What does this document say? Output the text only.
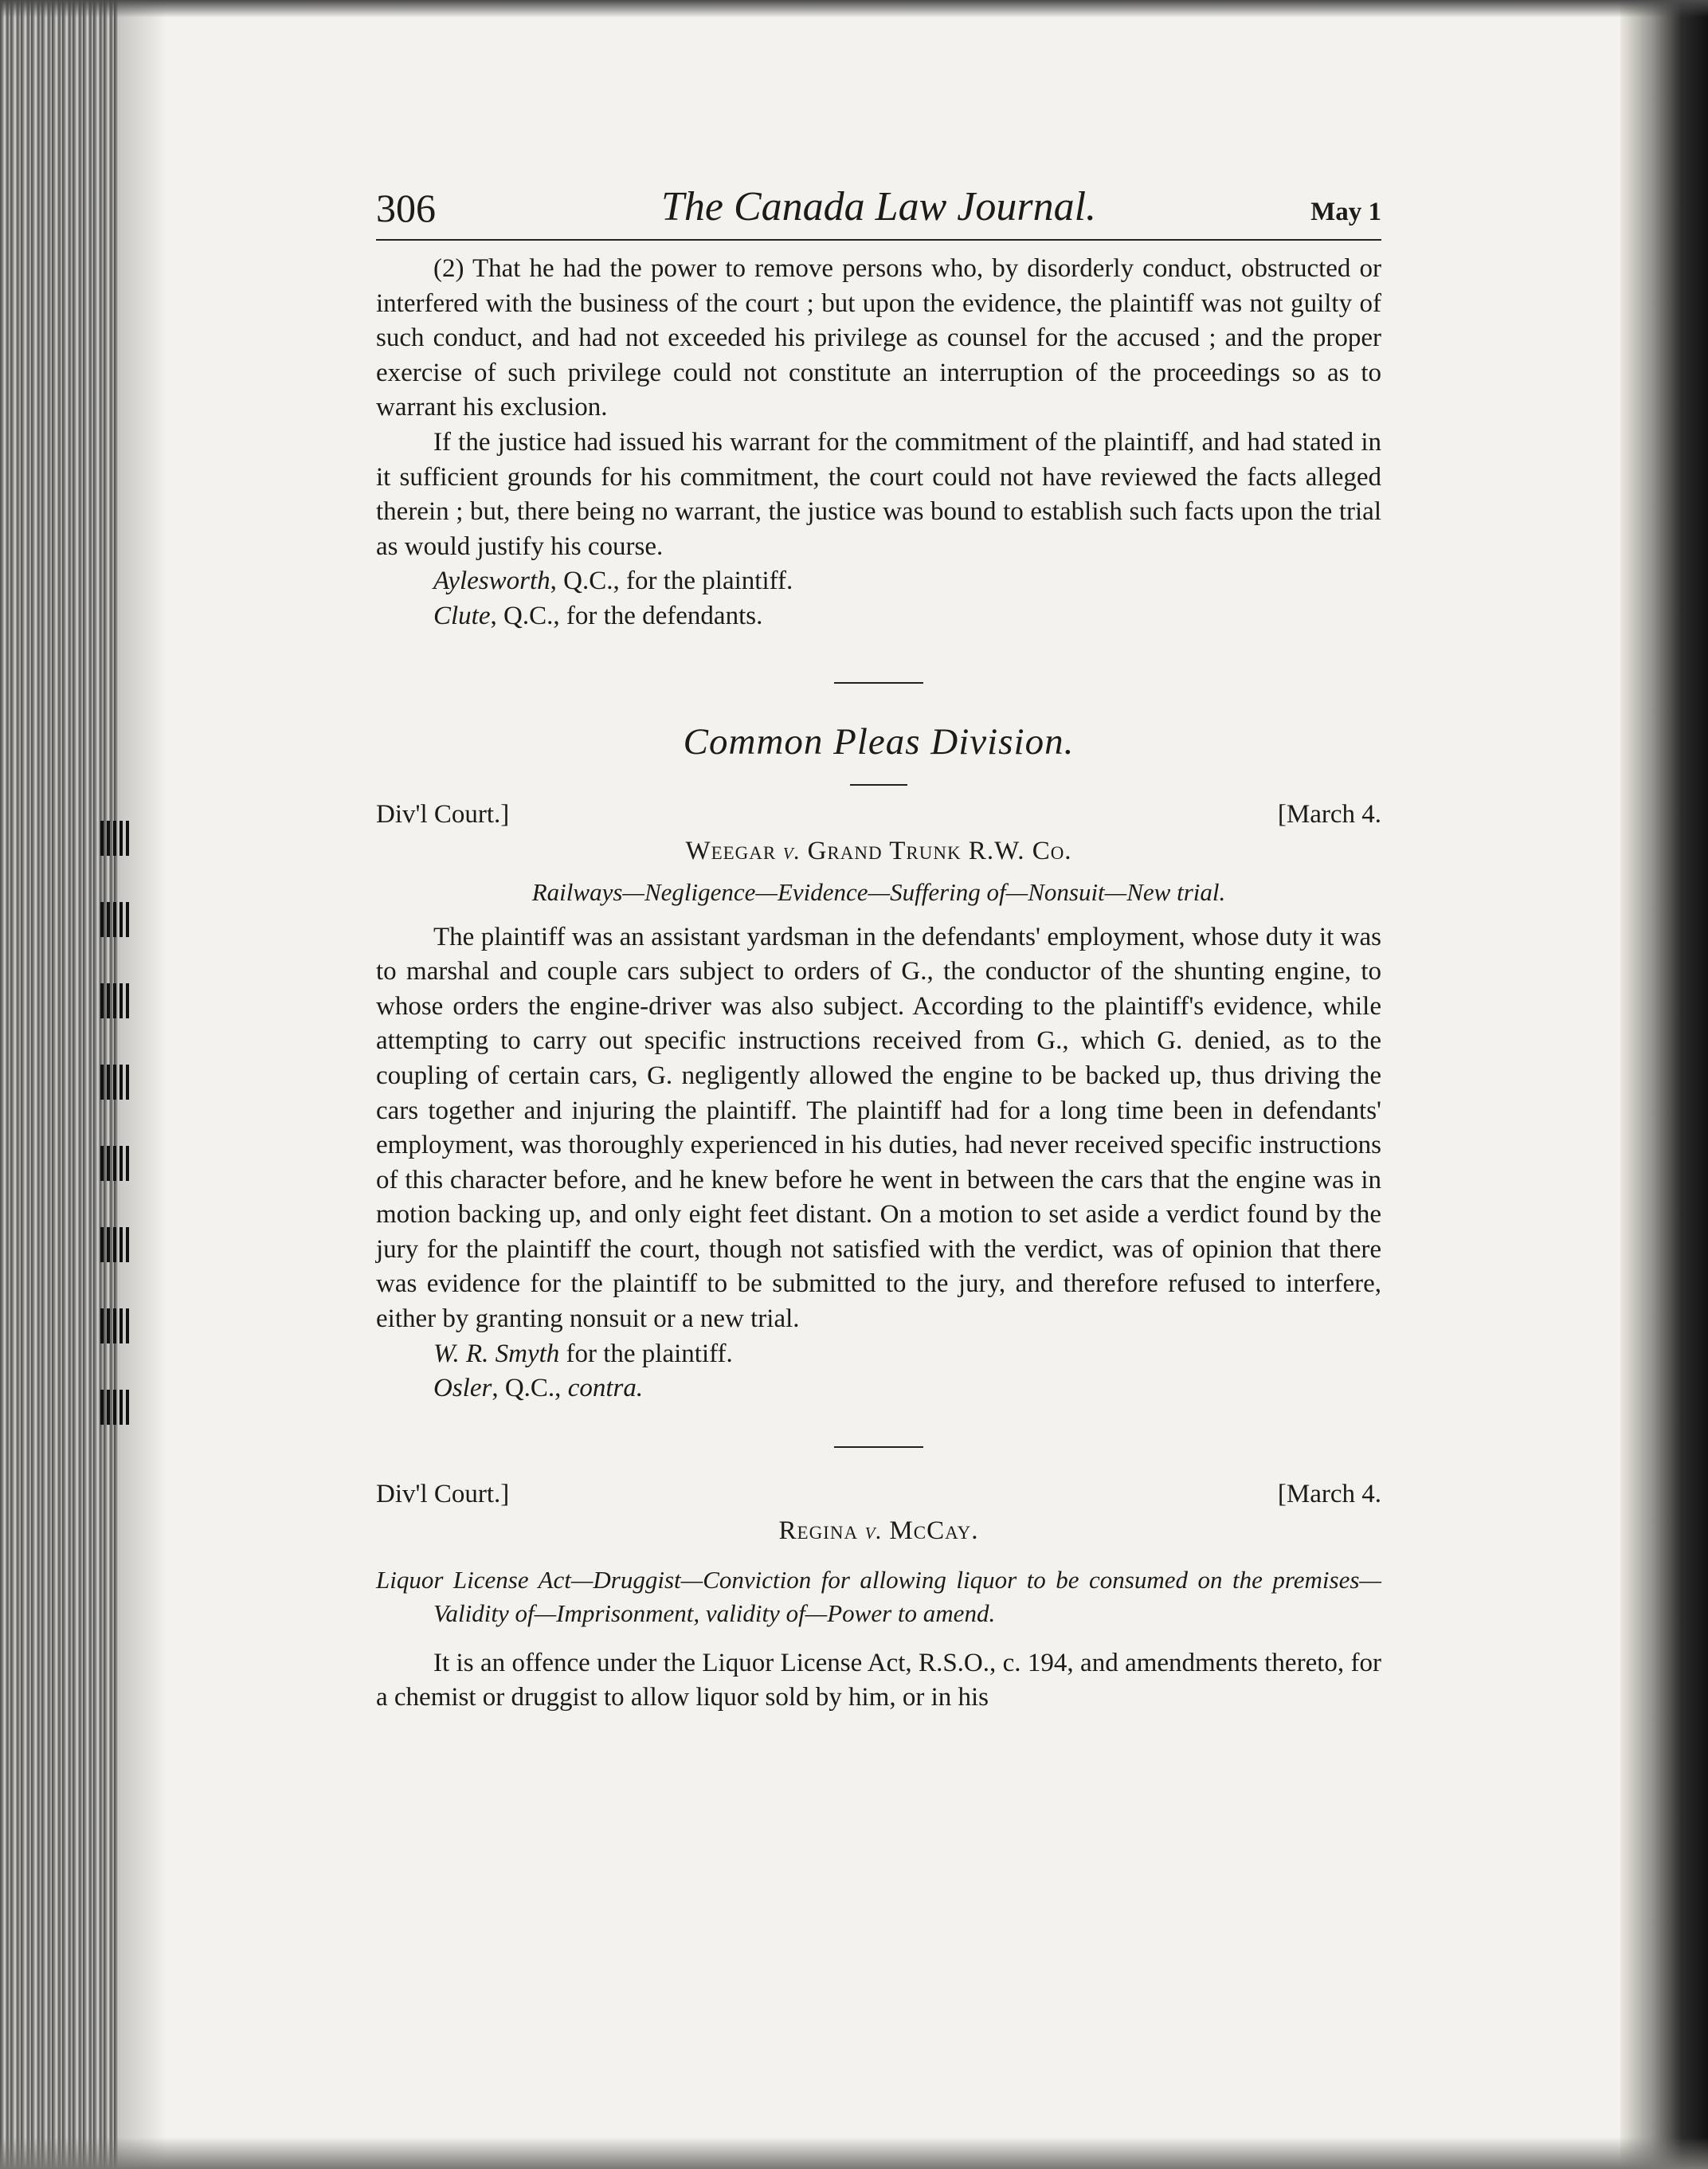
306	The Canada Law Journal.	May 1

(2) That he had the power to remove persons who, by disorderly conduct, obstructed or interfered with the business of the court ; but upon the evidence, the plaintiff was not guilty of such conduct, and had not exceeded his privilege as counsel for the accused ; and the proper exercise of such privilege could not constitute an interruption of the proceedings so as to warrant his exclusion.

If the justice had issued his warrant for the commitment of the plaintiff, and had stated in it sufficient grounds for his commitment, the court could not have reviewed the facts alleged therein ; but, there being no warrant, the justice was bound to establish such facts upon the trial as would justify his course.

Aylesworth, Q.C., for the plaintiff.
Clute, Q.C., for the defendants.
Common Pleas Division.
Div'l Court.]	[March 4.
Weegar v. Grand Trunk R.W. Co.
Railways—Negligence—Evidence—Suffering of—Nonsuit—New trial.

The plaintiff was an assistant yardsman in the defendants' employment, whose duty it was to marshal and couple cars subject to orders of G., the conductor of the shunting engine, to whose orders the engine-driver was also subject. According to the plaintiff's evidence, while attempting to carry out specific instructions received from G., which G. denied, as to the coupling of certain cars, G. negligently allowed the engine to be backed up, thus driving the cars together and injuring the plaintiff. The plaintiff had for a long time been in defendants' employment, was thoroughly experienced in his duties, had never received specific instructions of this character before, and he knew before he went in between the cars that the engine was in motion backing up, and only eight feet distant. On a motion to set aside a verdict found by the jury for the plaintiff the court, though not satisfied with the verdict, was of opinion that there was evidence for the plaintiff to be submitted to the jury, and therefore refused to interfere, either by granting nonsuit or a new trial.

W. R. Smyth for the plaintiff.
Osler, Q.C., contra.
Div'l Court.]	[March 4.
Regina v. McCay.
Liquor License Act—Druggist—Conviction for allowing liquor to be consumed on the premises—Validity of—Imprisonment, validity of—Power to amend.

It is an offence under the Liquor License Act, R.S.O., c. 194, and amendments thereto, for a chemist or druggist to allow liquor sold by him, or in his
